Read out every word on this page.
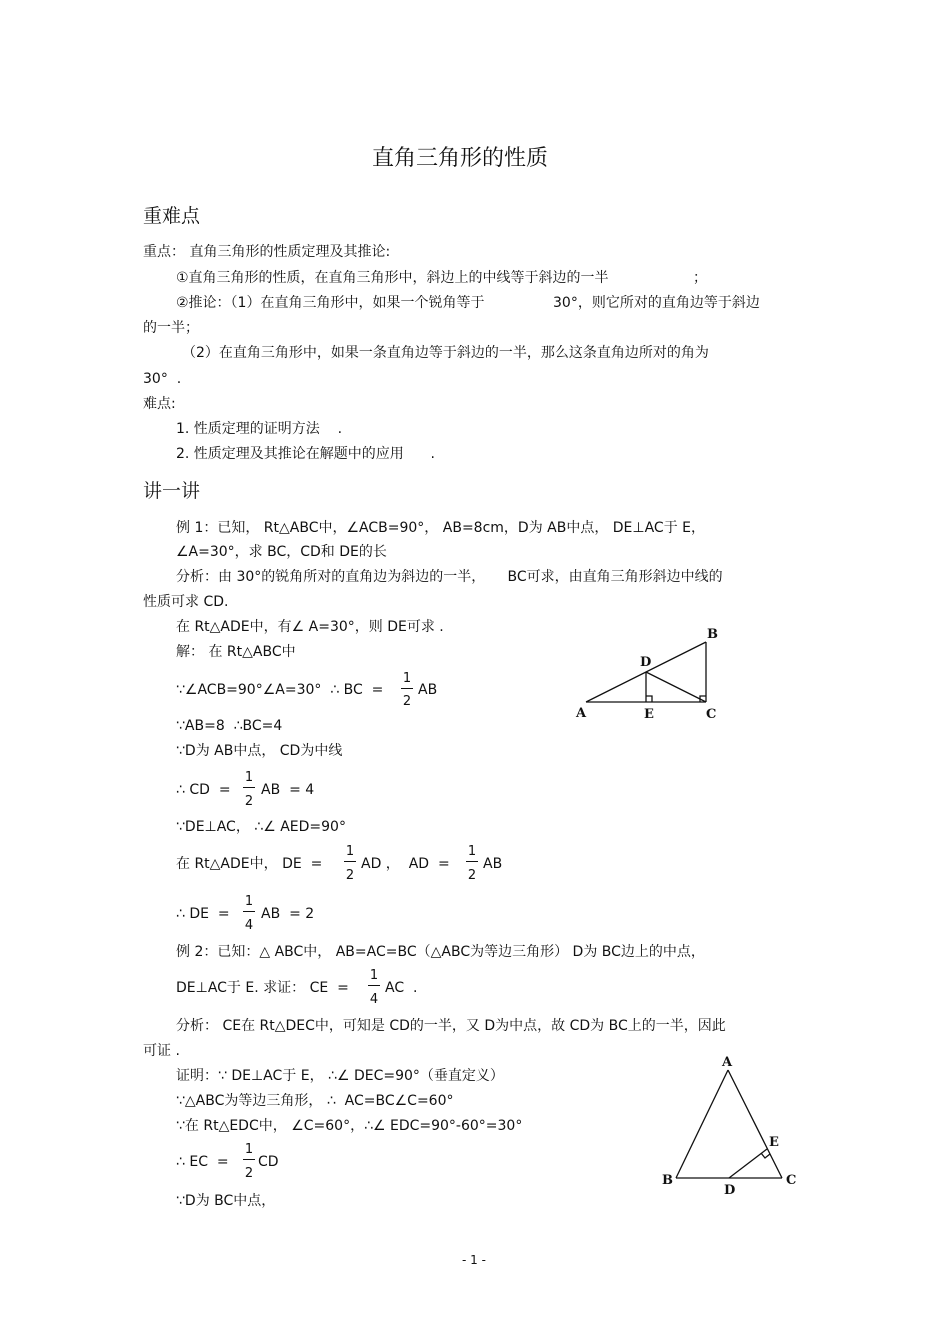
直角三角形的性质
重难点
重点： 直角三角形的性质定理及其推论:
①直角三角形的性质，在直角三角形中，斜边上的中线等于斜边的一半	；
②推论：（1）在直角三角形中，如果一个锐角等于	30°，则它所对的直角边等于斜边
的一半；
（2）在直角三角形中，如果一条直角边等于斜边的一半，那么这条直角边所对的角为
30°  .
难点:
1. 性质定理的证明方法    .
2. 性质定理及其推论在解题中的应用      .
讲一讲
例 1：已知， Rt△ABC中，∠ACB=90°， AB=8cm，D为 AB中点， DE⊥AC于 E，
∠A=30°，求 BC，CD和 DE的长
分析：由 30°的锐角所对的直角边为斜边的一半，     BC可求，由直角三角形斜边中线的
性质可求 CD.
在 Rt△ADE中，有∠ A=30°，则 DE可求 .
解： 在 Rt△ABC中
∵∠ACB=90°∠A=30°  ∴ BC  =
1
2
AB
∵AB=8  ∴BC=4
∵D为 AB中点， CD为中线
∴ CD  =
1
2
AB  = 4
∵DE⊥AC， ∴∠ AED=90°
在 Rt△ADE中， DE  =
1
2
AD ，  AD  =
1
2
AB
∴ DE  =
1
4
AB  = 2
例 2：已知：△ ABC中， AB=AC=BC（△ABC为等边三角形） D为 BC边上的中点，
DE⊥AC于 E. 求证： CE  =
1
4
AC  .
分析： CE在 Rt△DEC中，可知是 CD的一半，又 D为中点，故 CD为 BC上的一半，因此
可证 .
证明：∵ DE⊥AC于 E， ∴∠ DEC=90°（垂直定义）
∵△ABC为等边三角形， ∴  AC=BC∠C=60°
∵在 Rt△EDC中， ∠C=60°，∴∠ EDC=90°-60°=30°
∴ EC  =
1
2
CD
∵D为 BC中点，
A
B
C
D
E
A
B	C
D
E
- 1 -
